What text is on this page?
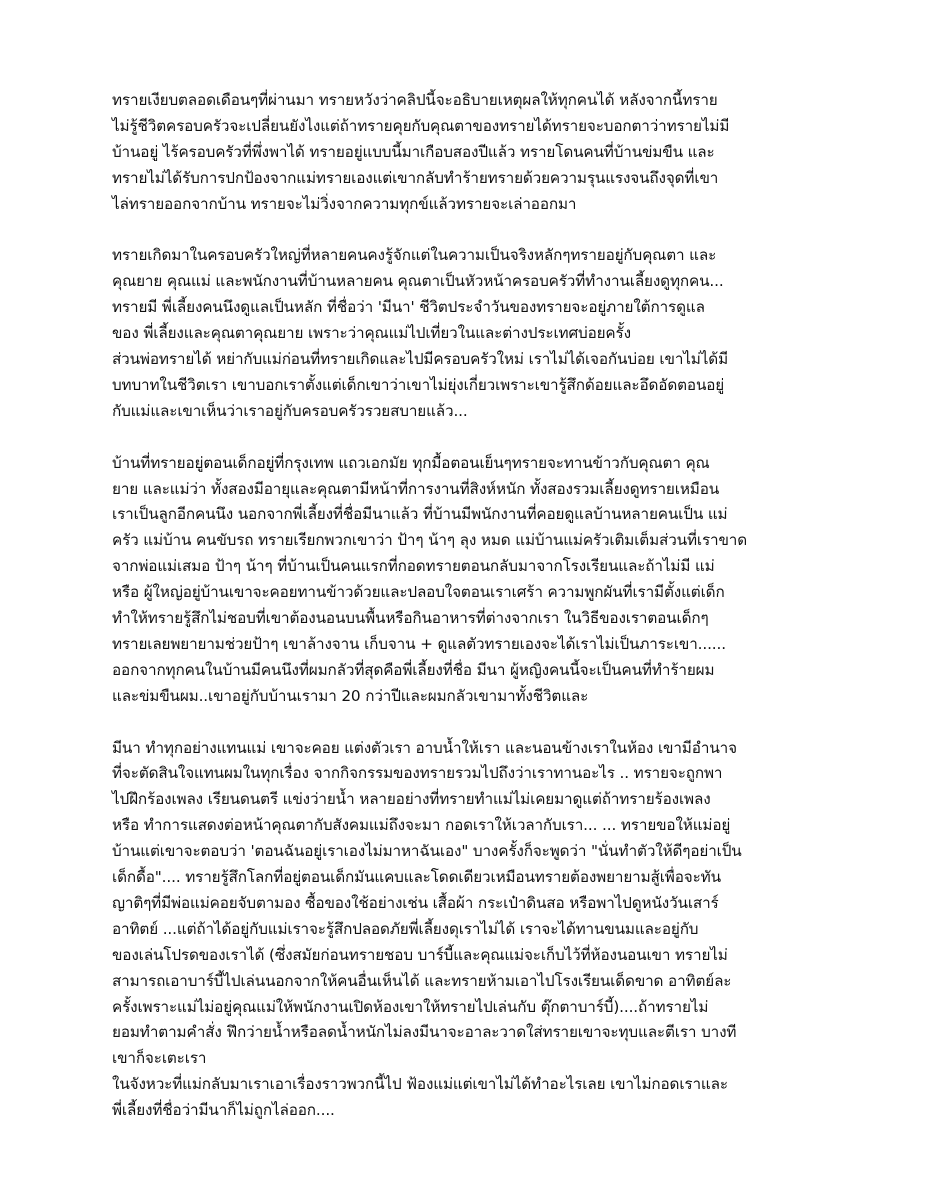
ทรายเงียบตลอดเดือนๆที่ผ่านมา ทรายหวังว่าคลิปนี้จะอธิบายเหตุผลให้ทุกคนได้ หลังจากนี้ทราย
ไม่รู้ชีวิตครอบครัวจะเปลี่ยนยังไงแต่ถ้าทรายคุยกับคุณตาของทรายได้ทรายจะบอกตาว่าทรายไม่มี
บ้านอยู่ ไร้ครอบครัวที่พึ่งพาได้ ทรายอยู่แบบนี้มาเกือบสองปีแล้ว ทรายโดนคนที่บ้านข่มขืน และ
ทรายไม่ได้รับการปกป้องจากแม่ทรายเองแต่เขากลับทำร้ายทรายด้วยความรุนแรงจนถึงจุดที่เขา
ไล่ทรายออกจากบ้าน ทรายจะไม่วิ่งจากความทุกข์แล้วทรายจะเล่าออกมา
ทรายเกิดมาในครอบครัวใหญ่ที่หลายคนคงรู้จักแต่ในความเป็นจริงหลักๆทรายอยู่กับคุณตา และ
คุณยาย คุณแม่ และพนักงานที่บ้านหลายคน คุณตาเป็นหัวหน้าครอบครัวที่ทำงานเลี้ยงดูทุกคน...
ทรายมี พี่เลี้ยงคนนึงดูแลเป็นหลัก ที่ชื่อว่า 'มีนา' ชีวิตประจำวันของทรายจะอยู่ภายใต้การดูแล
ของ พี่เลี้ยงและคุณตาคุณยาย เพราะว่าคุณแม่ไปเที่ยวในและต่างประเทศบ่อยครั้ง
ส่วนพ่อทรายได้ หย่ากับแม่ก่อนที่ทรายเกิดและไปมีครอบครัวใหม่ เราไม่ได้เจอกันบ่อย เขาไม่ได้มี
บทบาทในชีวิตเรา เขาบอกเราตั้งแต่เด็กเขาว่าเขาไม่ยุ่งเกี่ยวเพราะเขารู้สึกด้อยและอึดอัดตอนอยู่
กับแม่และเขาเห็นว่าเราอยู่กับครอบครัวรวยสบายแล้ว...
บ้านที่ทรายอยู่ตอนเด็กอยู่ที่กรุงเทพ แถวเอกมัย ทุกมื้อตอนเย็นๆทรายจะทานข้าวกับคุณตา คุณ
ยาย และแม่ว่า ทั้งสองมีอายุและคุณตามีหน้าที่การงานที่สิงห์หนัก ทั้งสองรวมเลี้ยงดูทรายเหมือน
เราเป็นลูกอีกคนนึง นอกจากพี่เลี้ยงที่ชื่อมีนาแล้ว ที่บ้านมีพนักงานที่คอยดูแลบ้านหลายคนเป็น แม่
ครัว แม่บ้าน คนขับรถ ทรายเรียกพวกเขาว่า ป้าๆ น้าๆ ลุง หมด แม่บ้านแม่ครัวเติมเต็มส่วนที่เราขาด
จากพ่อแม่เสมอ ป้าๆ น้าๆ ที่บ้านเป็นคนแรกที่กอดทรายตอนกลับมาจากโรงเรียนและถ้าไม่มี แม่
หรือ ผู้ใหญ่อยู่บ้านเขาจะคอยทานข้าวด้วยและปลอบใจตอนเราเศร้า ความพูกผันที่เรามีตั้งแต่เด็ก
ทำให้ทรายรู้สึกไม่ชอบที่เขาต้องนอนบนพื้นหรือกินอาหารที่ต่างจากเรา ในวิธีของเราตอนเด็กๆ
ทรายเลยพยายามช่วยป้าๆ เขาล้างจาน เก็บจาน + ดูแลตัวทรายเองจะได้เราไม่เป็นภาระเขา......
ออกจากทุกคนในบ้านมีคนนึงที่ผมกลัวที่สุดคือพี่เลี้ยงที่ชื่อ มีนา ผู้หญิงคนนี้จะเป็นคนที่ทำร้ายผม
และข่มขืนผม..เขาอยู่กับบ้านเรามา 20 กว่าปีและผมกลัวเขามาทั้งชีวิตและ
มีนา ทำทุกอย่างแทนแม่ เขาจะคอย แต่งตัวเรา อาบน้ำให้เรา และนอนข้างเราในห้อง เขามีอำนาจ
ที่จะตัดสินใจแทนผมในทุกเรื่อง จากกิจกรรมของทรายรวมไปถึงว่าเราทานอะไร .. ทรายจะถูกพา
ไปฝึกร้องเพลง เรียนดนตรี แข่งว่ายน้ำ หลายอย่างที่ทรายทำแม่ไม่เคยมาดูแต่ถ้าทรายร้องเพลง
หรือ ทำการแสดงต่อหน้าคุณตากับสังคมแม่ถึงจะมา กอดเราให้เวลากับเรา... ... ทรายขอให้แม่อยู่
บ้านแต่เขาจะตอบว่า 'ตอนฉันอยู่เราเองไม่มาหาฉันเอง" บางครั้งก็จะพูดว่า "นั่นทำตัวให้ดีๆอย่าเป็น
เด็กดื้อ".... ทรายรู้สึกโลกที่อยู่ตอนเด็กมันแคบและโดดเดียวเหมือนทรายต้องพยายามสู้เพื่อจะทัน
ญาติๆที่มีพ่อแม่คอยจับตามอง ซื้อของใช้อย่างเช่น เสื้อผ้า กระเป๋าดินสอ หรือพาไปดูหนังวันเสาร์
อาทิตย์ ...แต่ถ้าได้อยู่กับแม่เราจะรู้สึกปลอดภัยพี่เลี้ยงดุเราไม่ได้ เราจะได้ทานขนมและอยู่กับ
ของเล่นโปรดของเราได้ (ซึ่งสมัยก่อนทรายชอบ บาร์บี้และคุณแม่จะเก็บไว้ที่ห้องนอนเขา ทรายไม่
สามารถเอาบาร์บี้ไปเล่นนอกจากให้คนอื่นเห็นได้ และทรายห้ามเอาไปโรงเรียนเด็ดขาด อาทิตย์ละ
ครั้งเพราะแม่ไม่อยู่คุณแม่ให้พนักงานเปิดห้องเขาให้ทรายไปเล่นกับ ตุ๊กตาบาร์บี้)....ถ้าทรายไม่
ยอมทำตามคำสั่ง ฟึกว่ายน้ำหรือลดน้ำหนักไม่ลงมีนาจะอาละวาดใส่ทรายเขาจะทุบและตีเรา บางที
เขาก็จะเตะเรา
ในจังหวะที่แม่กลับมาเราเอาเรื่องราวพวกนี้ไป ฟ้องแม่แต่เขาไม่ได้ทำอะไรเลย เขาไม่กอดเราและ
พี่เลี้ยงที่ชื่อว่ามีนาก็ไม่ถูกไล่ออก....
